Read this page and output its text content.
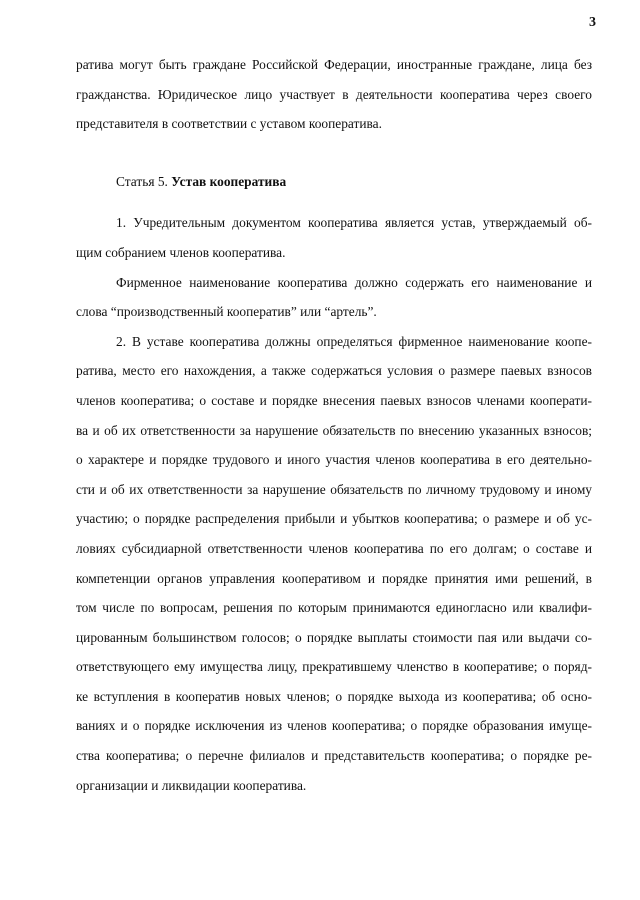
3
ратива могут быть граждане Российской Федерации, иностранные граждане, лица без
гражданства. Юридическое лицо участвует в деятельности кооператива через своего
представителя в соответствии с уставом кооператива.
Статья 5. Устав кооператива
1. Учредительным документом кооператива является устав, утверждаемый об-
щим собранием членов кооператива.
Фирменное наименование кооператива должно содержать его наименование и
слова “производственный кооператив” или “артель”.
2. В уставе кооператива должны определяться фирменное наименование коопе-
ратива, место его нахождения, а также содержаться условия о размере паевых взносов
членов кооператива; о составе и порядке внесения паевых взносов членами кооперати-
ва и об их ответственности за нарушение обязательств по внесению указанных взносов;
о характере и порядке трудового и иного участия членов кооператива в его деятельно-
сти и об их ответственности за нарушение обязательств по личному трудовому и иному
участию; о порядке распределения прибыли и убытков кооператива; о размере и об ус-
ловиях субсидиарной ответственности членов кооператива по его долгам; о составе и
компетенции органов управления кооперативом и порядке принятия ими решений, в
том числе по вопросам, решения по которым принимаются единогласно или квалифи-
цированным большинством голосов; о порядке выплаты стоимости пая или выдачи со-
ответствующего ему имущества лицу, прекратившему членство в кооперативе; о поряд-
ке вступления в кооператив новых членов; о порядке выхода из кооператива; об осно-
ваниях и о порядке исключения из членов кооператива; о порядке образования имуще-
ства кооператива; о перечне филиалов и представительств кооператива; о порядке ре-
организации и ликвидации кооператива.
